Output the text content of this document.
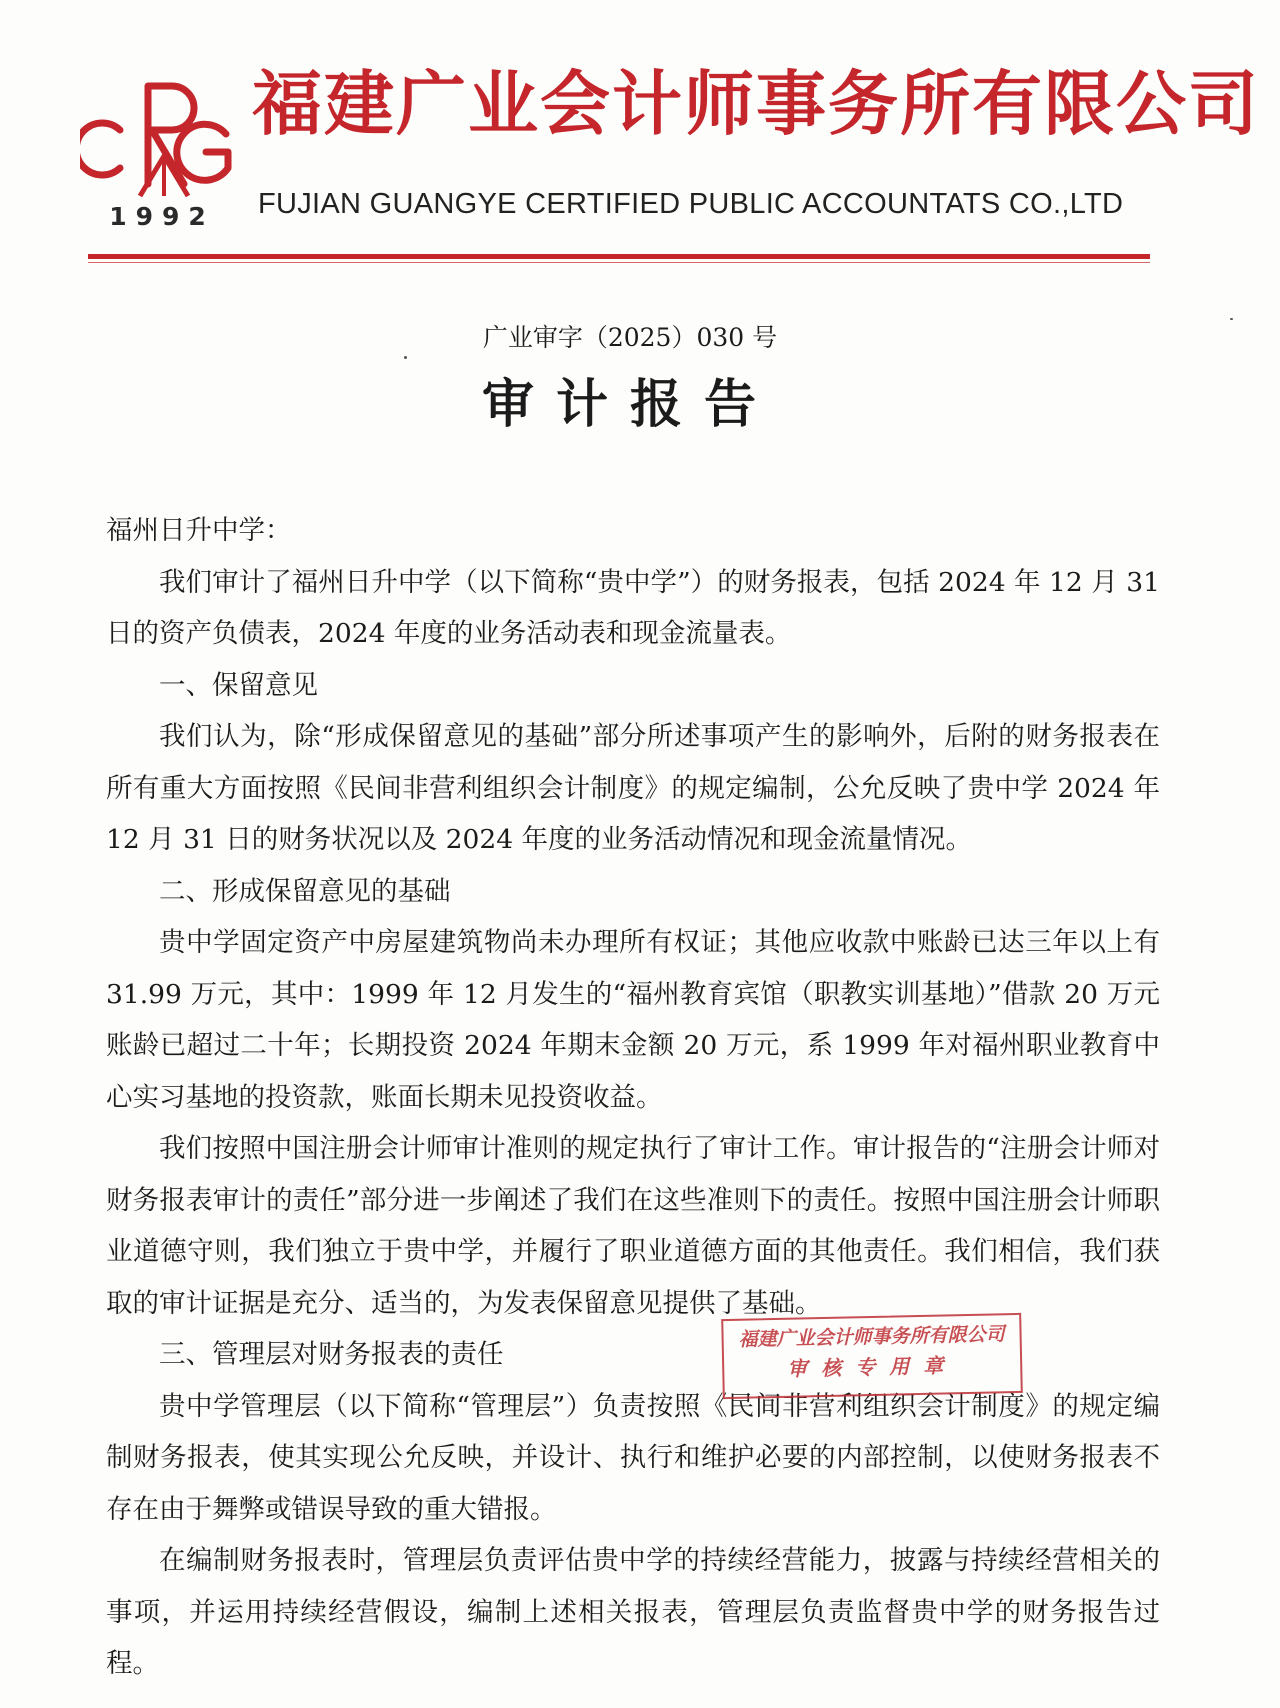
1992
福建广业会计师事务所有限公司
FUJIAN GUANGYE CERTIFIED PUBLIC ACCOUNTATS CO.,LTD
广业审字（2025）030 号
审计报告

福州日升中学：

我们审计了福州日升中学（以下简称“贵中学”）的财务报表，包括 2024 年 12 月 31 日的资产负债表，2024 年度的业务活动表和现金流量表。

一、保留意见

我们认为，除“形成保留意见的基础”部分所述事项产生的影响外，后附的财务报表在所有重大方面按照《民间非营利组织会计制度》的规定编制，公允反映了贵中学 2024 年 12 月 31 日的财务状况以及 2024 年度的业务活动情况和现金流量情况。

二、形成保留意见的基础

贵中学固定资产中房屋建筑物尚未办理所有权证；其他应收款中账龄已达三年以上有 31.99 万元，其中：1999 年 12 月发生的“福州教育宾馆（职教实训基地）”借款 20 万元账龄已超过二十年；长期投资 2024 年期末金额 20 万元，系 1999 年对福州职业教育中心实习基地的投资款，账面长期未见投资收益。

我们按照中国注册会计师审计准则的规定执行了审计工作。审计报告的“注册会计师对财务报表审计的责任”部分进一步阐述了我们在这些准则下的责任。按照中国注册会计师职业道德守则，我们独立于贵中学，并履行了职业道德方面的其他责任。我们相信，我们获取的审计证据是充分、适当的，为发表保留意见提供了基础。

三、管理层对财务报表的责任

贵中学管理层（以下简称“管理层”）负责按照《民间非营利组织会计制度》的规定编制财务报表，使其实现公允反映，并设计、执行和维护必要的内部控制，以使财务报表不存在由于舞弊或错误导致的重大错报。

在编制财务报表时，管理层负责评估贵中学的持续经营能力，披露与持续经营相关的事项，并运用持续经营假设，编制上述相关报表，管理层负责监督贵中学的财务报告过程。

福建广业会计师事务所有限公司
审核专用章
